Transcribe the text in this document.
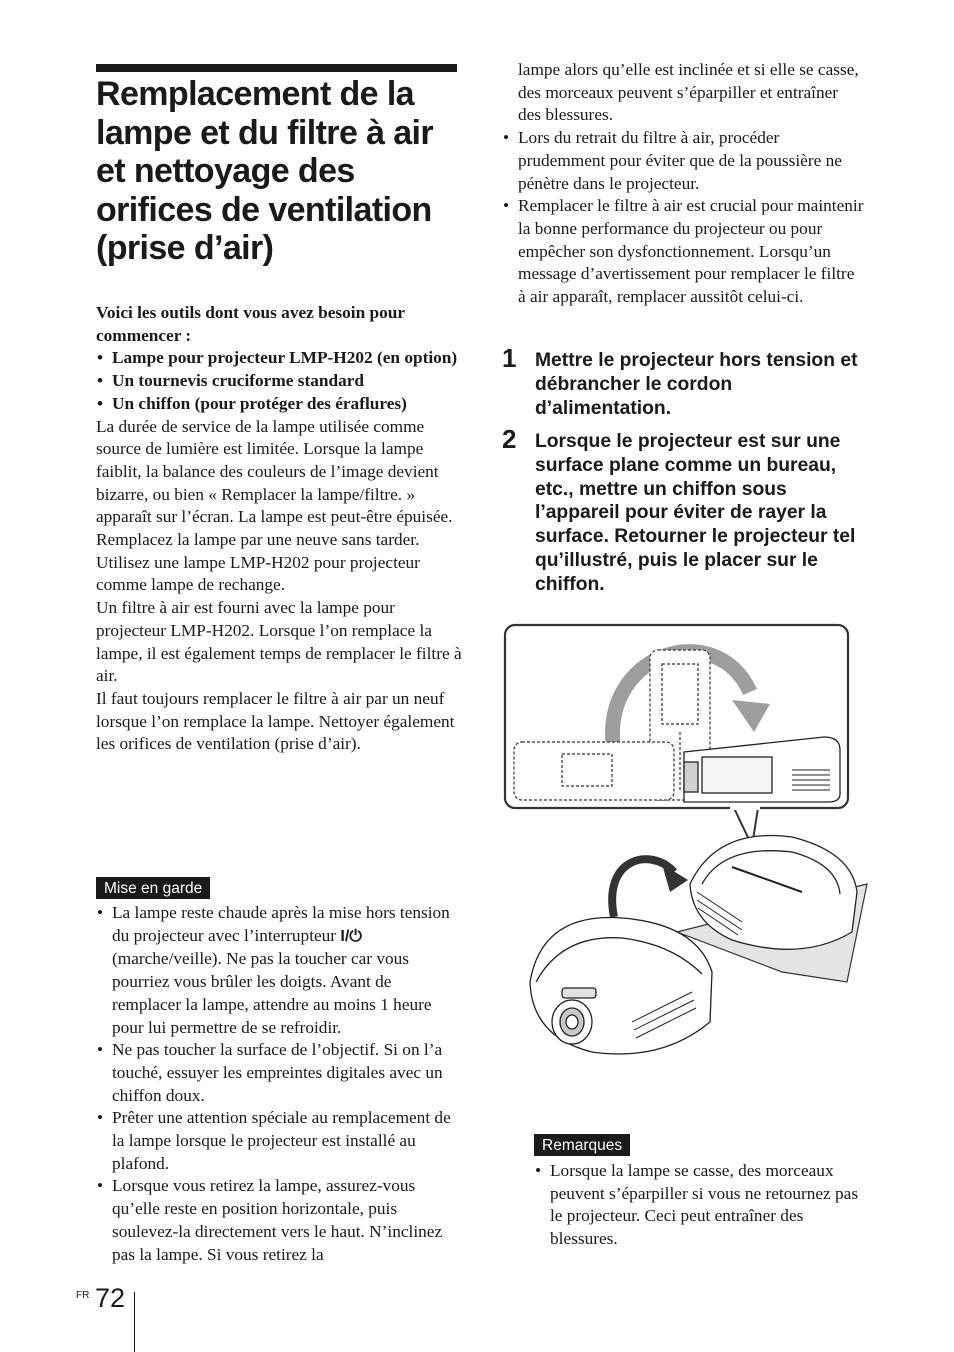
Remplacement de la
lampe et du filtre à air
et nettoyage des
orifices de ventilation
(prise d’air)

Voici les outils dont vous avez besoin pour commencer :

• Lampe pour projecteur LMP-H202 (en option)
• Un tournevis cruciforme standard
• Un chiffon (pour protéger des éraflures)

La durée de service de la lampe utilisée comme source de lumière est limitée. Lorsque la lampe faiblit, la balance des couleurs de l’image devient bizarre, ou bien « Remplacer la lampe/filtre. » apparaît sur l’écran. La lampe est peut-être épuisée. Remplacez la lampe par une neuve sans tarder.

Utilisez une lampe LMP-H202 pour projecteur comme lampe de rechange.

Un filtre à air est fourni avec la lampe pour projecteur LMP-H202. Lorsque l’on remplace la lampe, il est également temps de remplacer le filtre à air.

Il faut toujours remplacer le filtre à air par un neuf lorsque l’on remplace la lampe. Nettoyer également les orifices de ventilation (prise d’air).

Mise en garde
• La lampe reste chaude après la mise hors tension du projecteur avec l’interrupteur I/⏻ (marche/veille). Ne pas la toucher car vous pourriez vous brûler les doigts. Avant de remplacer la lampe, attendre au moins 1 heure pour lui permettre de se refroidir.
• Ne pas toucher la surface de l’objectif. Si on l’a touché, essuyer les empreintes digitales avec un chiffon doux.
• Prêter une attention spéciale au remplacement de la lampe lorsque le projecteur est installé au plafond.
• Lorsque vous retirez la lampe, assurez-vous qu’elle reste en position horizontale, puis soulevez-la directement vers le haut. N’inclinez pas la lampe. Si vous retirez la
lampe alors qu’elle est inclinée et si elle se casse, des morceaux peuvent s’éparpiller et entraîner des blessures.
• Lors du retrait du filtre à air, procéder prudemment pour éviter que de la poussière ne pénètre dans le projecteur.
• Remplacer le filtre à air est crucial pour maintenir la bonne performance du projecteur ou pour empêcher son dysfonctionnement. Lorsqu’un message d’avertissement pour remplacer le filtre à air apparaît, remplacer aussitôt celui-ci.
1 Mettre le projecteur hors tension et débrancher le cordon d’alimentation.

2 Lorsque le projecteur est sur une surface plane comme un bureau, etc., mettre un chiffon sous l’appareil pour éviter de rayer la surface. Retourner le projecteur tel qu’illustré, puis le placer sur le chiffon.

Remarques
• Lorsque la lampe se casse, des morceaux peuvent s’éparpiller si vous ne retournez pas le projecteur. Ceci peut entraîner des blessures.
FR 72
